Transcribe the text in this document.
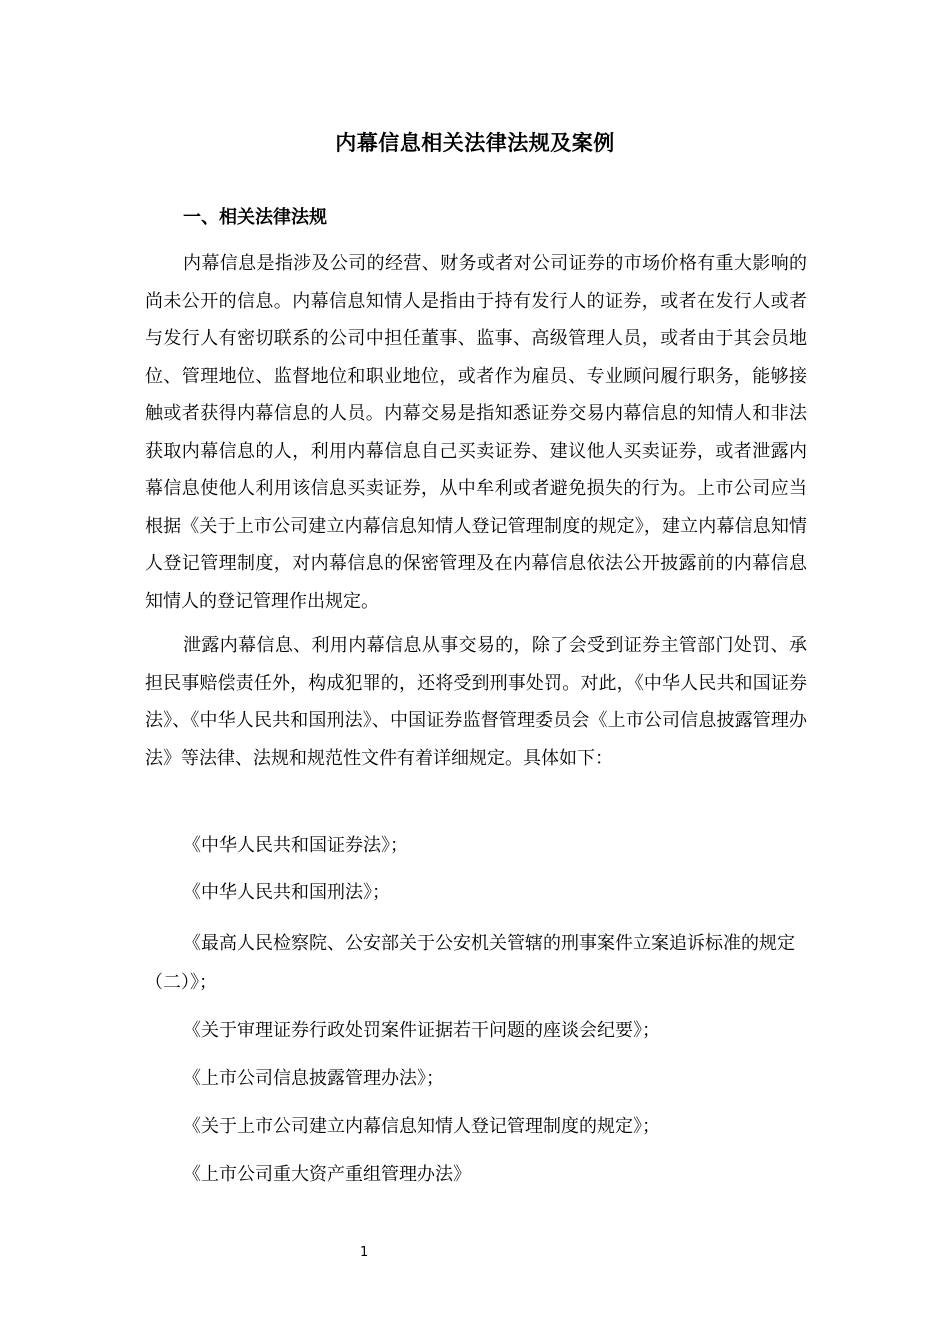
内幕信息相关法律法规及案例
一、相关法律法规

内幕信息是指涉及公司的经营、财务或者对公司证券的市场价格有重大影响的尚未公开的信息。内幕信息知情人是指由于持有发行人的证券，或者在发行人或者与发行人有密切联系的公司中担任董事、监事、高级管理人员，或者由于其会员地位、管理地位、监督地位和职业地位，或者作为雇员、专业顾问履行职务，能够接触或者获得内幕信息的人员。内幕交易是指知悉证券交易内幕信息的知情人和非法获取内幕信息的人，利用内幕信息自己买卖证券、建议他人买卖证券，或者泄露内幕信息使他人利用该信息买卖证券，从中牟利或者避免损失的行为。上市公司应当根据《关于上市公司建立内幕信息知情人登记管理制度的规定》，建立内幕信息知情人登记管理制度，对内幕信息的保密管理及在内幕信息依法公开披露前的内幕信息知情人的登记管理作出规定。

泄露内幕信息、利用内幕信息从事交易的，除了会受到证券主管部门处罚、承担民事赔偿责任外，构成犯罪的，还将受到刑事处罚。对此，《中华人民共和国证券法》、《中华人民共和国刑法》、中国证券监督管理委员会《上市公司信息披露管理办法》等法律、法规和规范性文件有着详细规定。具体如下：

《中华人民共和国证券法》；

《中华人民共和国刑法》；

《最高人民检察院、公安部关于公安机关管辖的刑事案件立案追诉标准的规定（二）》；

《关于审理证券行政处罚案件证据若干问题的座谈会纪要》；

《上市公司信息披露管理办法》；

《关于上市公司建立内幕信息知情人登记管理制度的规定》；

《上市公司重大资产重组管理办法》

1
